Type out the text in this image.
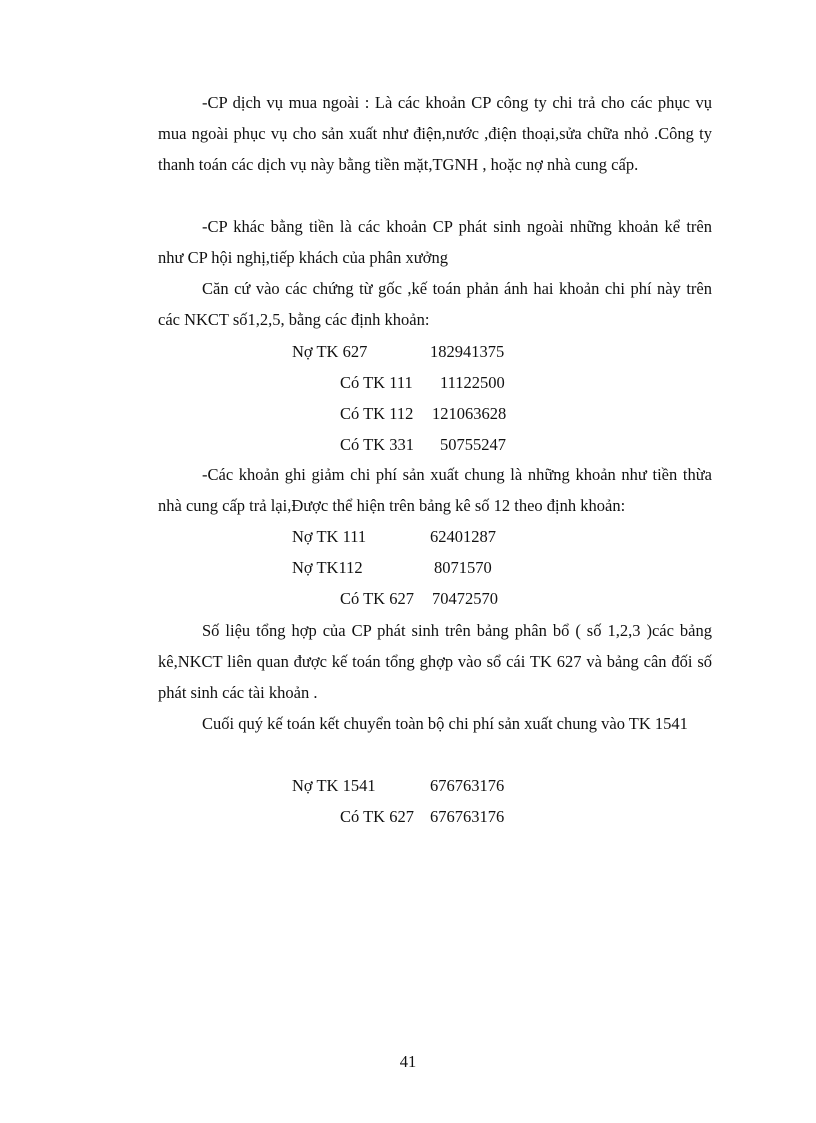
-CP dịch vụ mua ngoài : Là các khoản CP công ty chi trả cho các phục vụ mua ngoài phục vụ cho sản xuất như điện,nước ,điện thoại,sửa chữa nhỏ .Công ty thanh toán các dịch vụ này bằng tiền mặt,TGNH , hoặc nợ nhà cung cấp.

-CP khác bằng tiền là các khoản CP phát sinh ngoài những khoản kể trên như CP hội nghị,tiếp khách của phân xưởng

Căn cứ vào các chứng từ gốc ,kế toán phản ánh hai khoản chi phí này trên các NKCT số1,2,5, bằng các định khoản:

Nợ TK 627	182941375
Có TK 111 11122500
Có TK 112 121063628
Có TK 331 50755247

-Các khoản ghi giảm chi phí sản xuất chung là những khoản như tiền thừa nhà cung cấp trả lại,Được thể hiện trên bảng kê số 12 theo định khoản:

Nợ TK 111	62401287
Nợ TK112	8071570
Có TK 627 70472570

Số liệu tổng hợp của CP phát sinh trên bảng phân bổ ( số 1,2,3 )các bảng kê,NKCT liên quan được kế toán tổng ghợp vào sổ cái TK 627 và bảng cân đối số phát sinh các tài khoản .

Cuối quý kế toán kết chuyển toàn bộ chi phí sản xuất chung vào TK 1541

Nợ TK 1541	676763176
Có TK 627 676763176
41
